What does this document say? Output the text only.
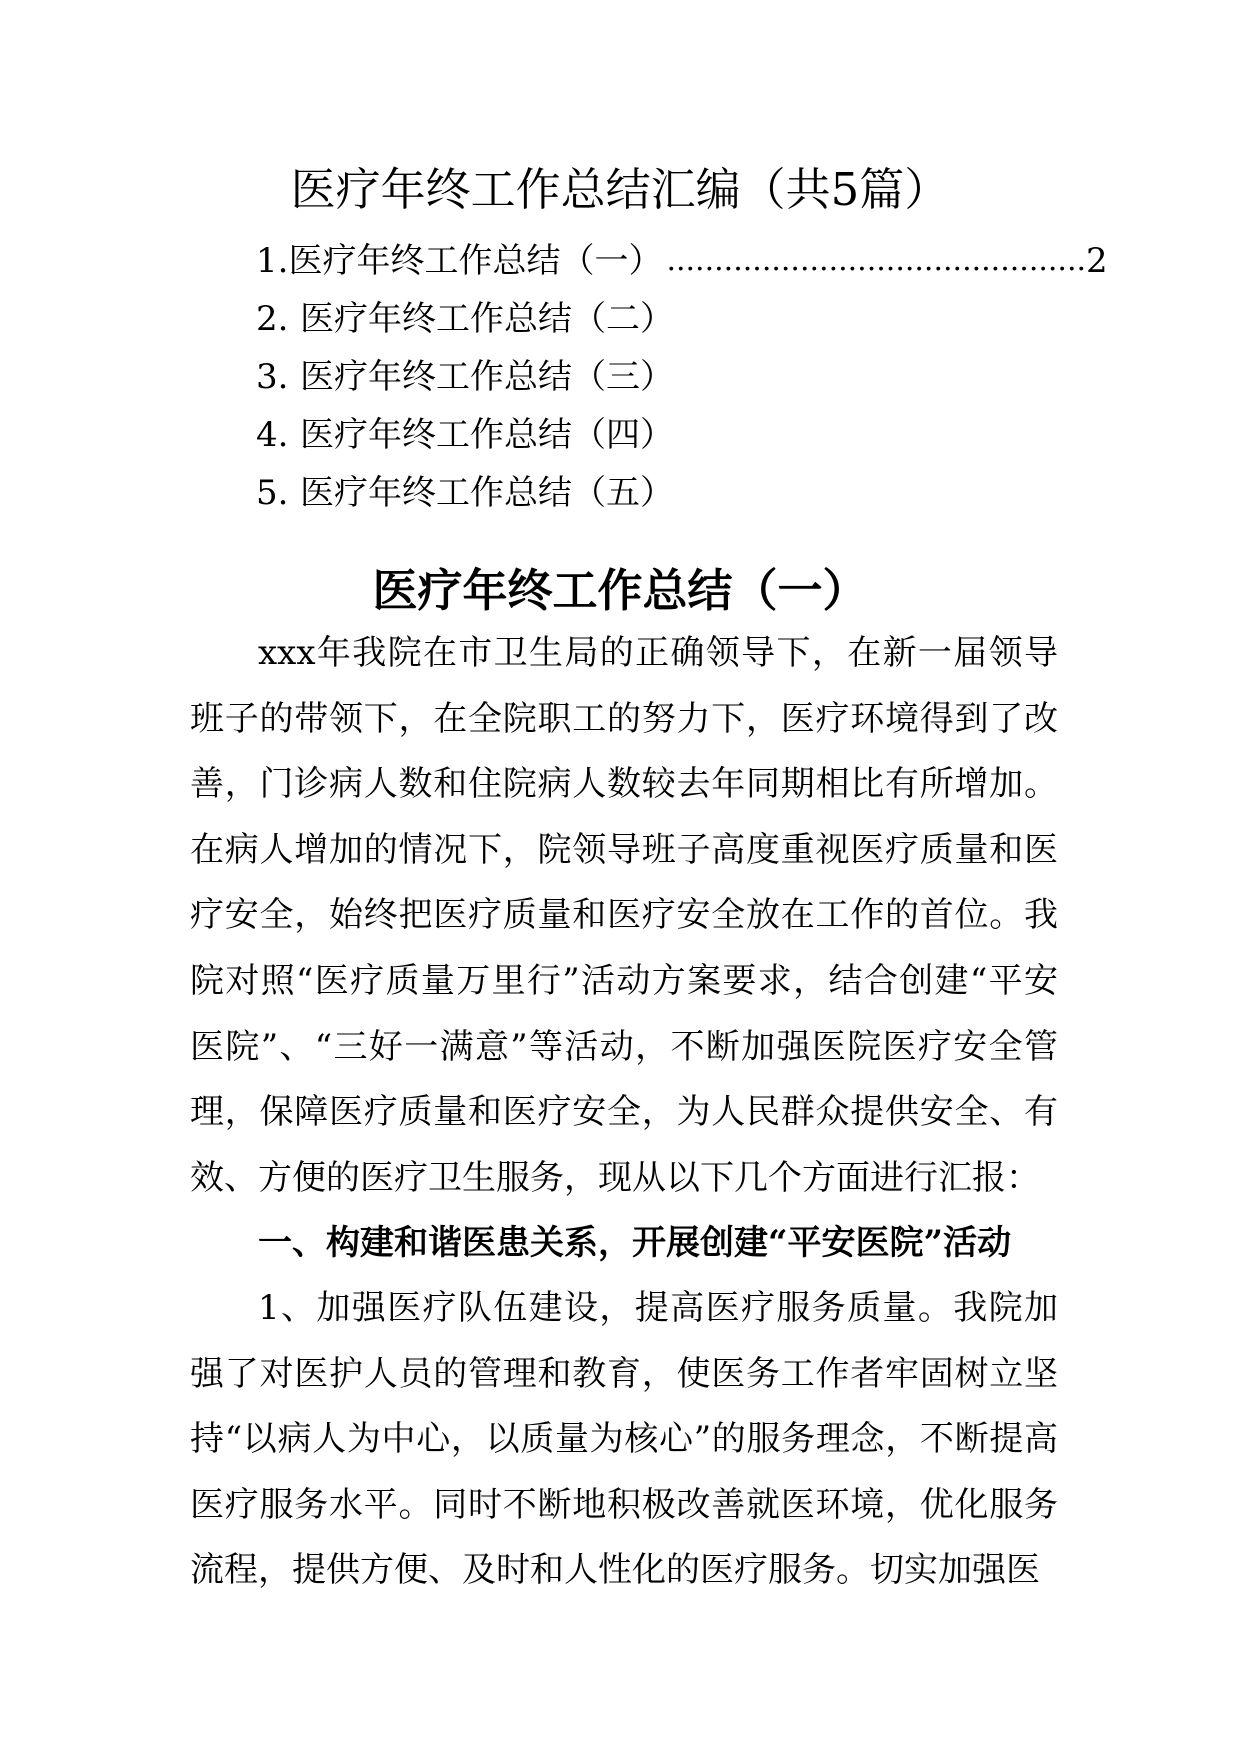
医疗年终工作总结汇编（共5篇）
1. 医疗年终工作总结（一） ............................................ 2
2. 医疗年终工作总结（二）
3. 医疗年终工作总结（三）
4. 医疗年终工作总结（四）
5. 医疗年终工作总结（五）
医疗年终工作总结（一）

xxx年我院在市卫生局的正确领导下，在新一届领导班子的带领下，在全院职工的努力下，医疗环境得到了改善，门诊病人数和住院病人数较去年同期相比有所增加。在病人增加的情况下，院领导班子高度重视医疗质量和医疗安全，始终把医疗质量和医疗安全放在工作的首位。我院对照“医疗质量万里行”活动方案要求，结合创建“平安医院”、“三好一满意”等活动，不断加强医院医疗安全管理，保障医疗质量和医疗安全，为人民群众提供安全、有效、方便的医疗卫生服务，现从以下几个方面进行汇报：

一、构建和谐医患关系，开展创建“平安医院”活动

1、加强医疗队伍建设，提高医疗服务质量。我院加强了对医护人员的管理和教育，使医务工作者牢固树立坚持“以病人为中心，以质量为核心”的服务理念，不断提高医疗服务水平。同时不断地积极改善就医环境，优化服务流程，提供方便、及时和人性化的医疗服务。切实加强医
